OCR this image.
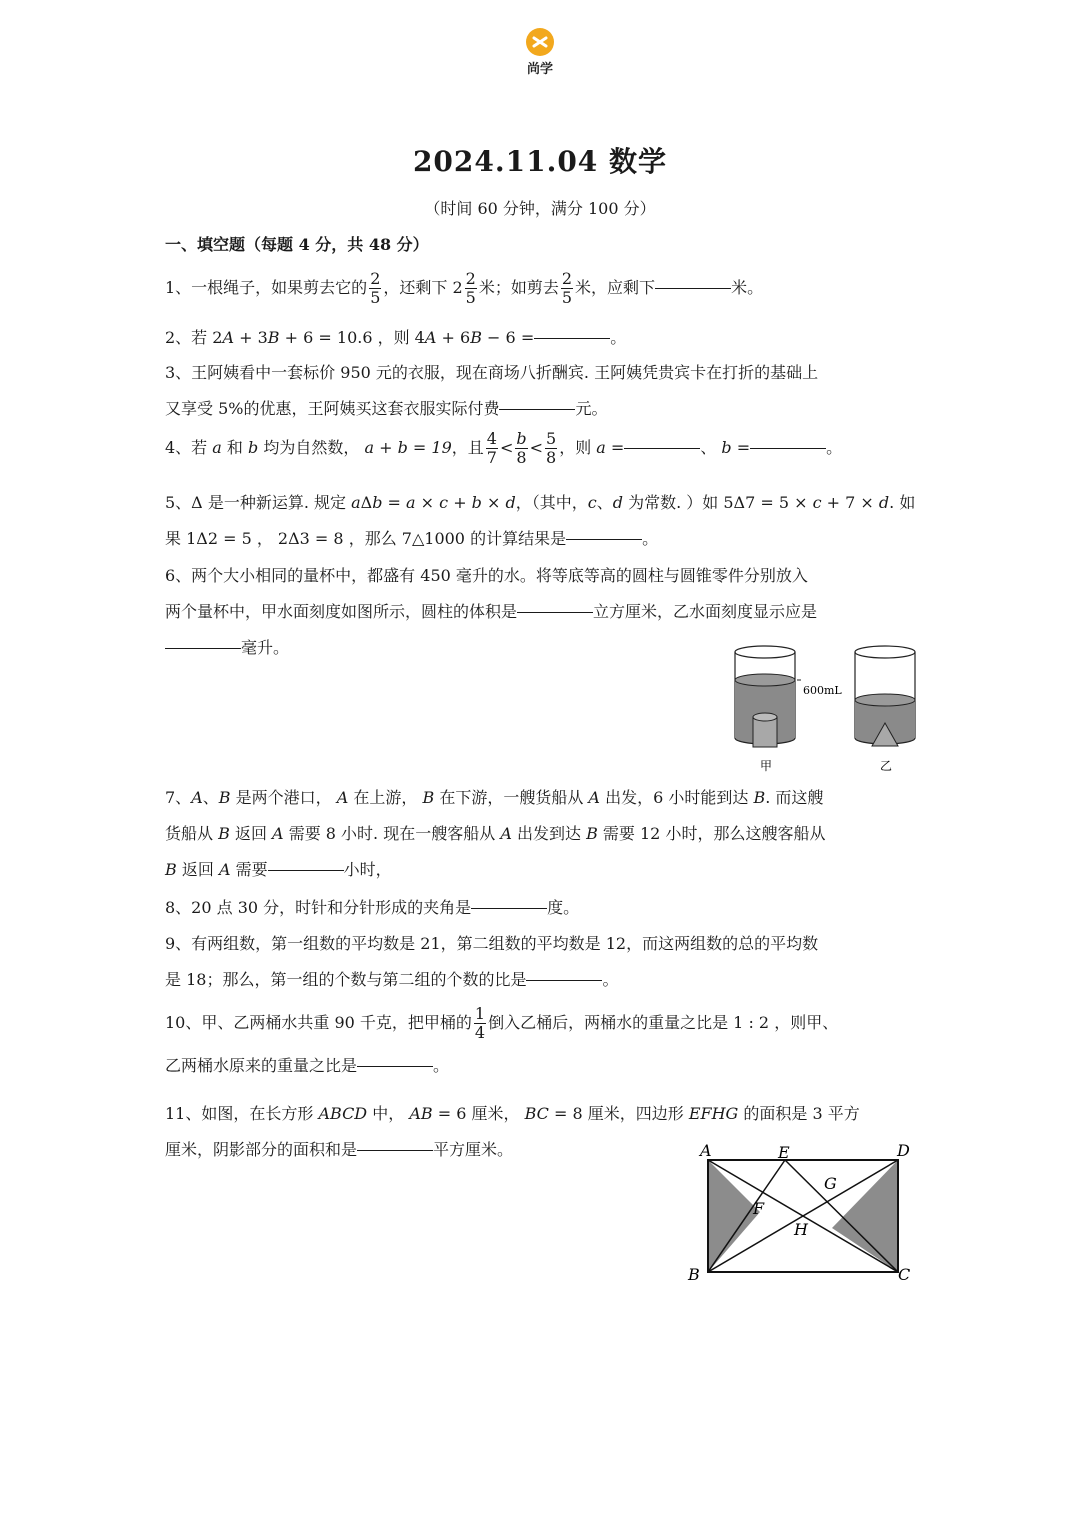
尚学
2024.11.04 数学
（时间 60 分钟，满分 100 分）
一、填空题（每题 4 分，共 48 分）
1、一根绳子，如果剪去它的 $\frac{2}{5}$ ，还剩下 $2 \frac{2}{5}$ 米；如剪去 $\frac{2}{5}$ 米，应剩下	米。
2、若 2A + 3B + 6 = 10.6 ，则 4A + 6B − 6 =	。
3、王阿姨看中一套标价 950 元的衣服，现在商场八折酬宾. 王阿姨凭贵宾卡在打折的基础上
又享受 5%的优惠，王阿姨买这套衣服实际付费	元。
4、若 a 和 b 均为自然数， a + b = 19，且 $\frac{4}{7} < \frac{b}{8} < \frac{5}{8}$ ，则 a =	、 b =	。
5、Δ 是一种新运算. 规定 aΔb = a × c + b × d，（其中，c、d 为常数. ）如 5Δ7 = 5 × c + 7 × d. 如
果 1Δ2 = 5 ， 2Δ3 = 8 ，那么 7△1000 的计算结果是	。
6、两个大小相同的量杯中，都盛有 450 毫升的水。将等底等高的圆柱与圆锥零件分别放入
两个量杯中，甲水面刻度如图所示，圆柱的体积是	立方厘米，乙水面刻度显示应是
毫升。
600mL
甲	乙
7、A、B 是两个港口， A 在上游， B 在下游，一艘货船从 A 出发，6 小时能到达 B. 而这艘
货船从 B 返回 A 需要 8 小时. 现在一艘客船从 A 出发到达 B 需要 12 小时，那么这艘客船从
B 返回 A 需要	小时，
8、20 点 30 分，时针和分针形成的夹角是	度。
9、有两组数，第一组数的平均数是 21，第二组数的平均数是 12，而这两组数的总的平均数
是 18；那么，第一组的个数与第二组的个数的比是	。
10、甲、乙两桶水共重 90 千克，把甲桶的 $\frac{1}{4}$ 倒入乙桶后，两桶水的重量之比是 1 : 2 ，则甲、
乙两桶水原来的重量之比是	。
11、如图，在长方形 ABCD 中， AB = 6 厘米， BC = 8 厘米，四边形 EFHG 的面积是 3 平方
厘米，阴影部分的面积和是	平方厘米。	A	E	D
G
F
H
B	C
